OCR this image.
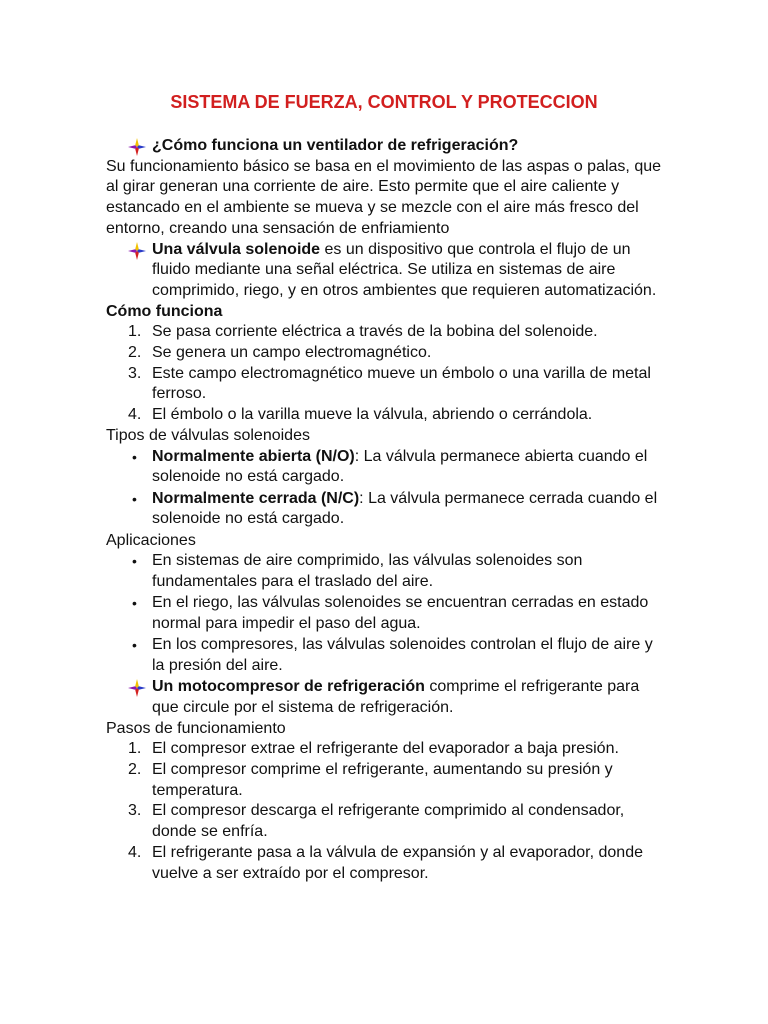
SISTEMA DE FUERZA, CONTROL Y PROTECCION
¿Cómo funciona un ventilador de refrigeración?

Su funcionamiento básico se basa en el movimiento de las aspas o palas, que al girar generan una corriente de aire. Esto permite que el aire caliente y estancado en el ambiente se mueva y se mezcle con el aire más fresco del entorno, creando una sensación de enfriamiento

Una válvula solenoide es un dispositivo que controla el flujo de un fluido mediante una señal eléctrica. Se utiliza en sistemas de aire comprimido, riego, y en otros ambientes que requieren automatización.

Cómo funciona

1. Se pasa corriente eléctrica a través de la bobina del solenoide.
2. Se genera un campo electromagnético.
3. Este campo electromagnético mueve un émbolo o una varilla de metal ferroso.
4. El émbolo o la varilla mueve la válvula, abriendo o cerrándola.

Tipos de válvulas solenoides

• Normalmente abierta (N/O): La válvula permanece abierta cuando el solenoide no está cargado.
• Normalmente cerrada (N/C): La válvula permanece cerrada cuando el solenoide no está cargado.

Aplicaciones

• En sistemas de aire comprimido, las válvulas solenoides son fundamentales para el traslado del aire.
• En el riego, las válvulas solenoides se encuentran cerradas en estado normal para impedir el paso del agua.
• En los compresores, las válvulas solenoides controlan el flujo de aire y la presión del aire.
Un motocompresor de refrigeración comprime el refrigerante para que circule por el sistema de refrigeración.

Pasos de funcionamiento

1. El compresor extrae el refrigerante del evaporador a baja presión.
2. El compresor comprime el refrigerante, aumentando su presión y temperatura.
3. El compresor descarga el refrigerante comprimido al condensador, donde se enfría.
4. El refrigerante pasa a la válvula de expansión y al evaporador, donde vuelve a ser extraído por el compresor.
